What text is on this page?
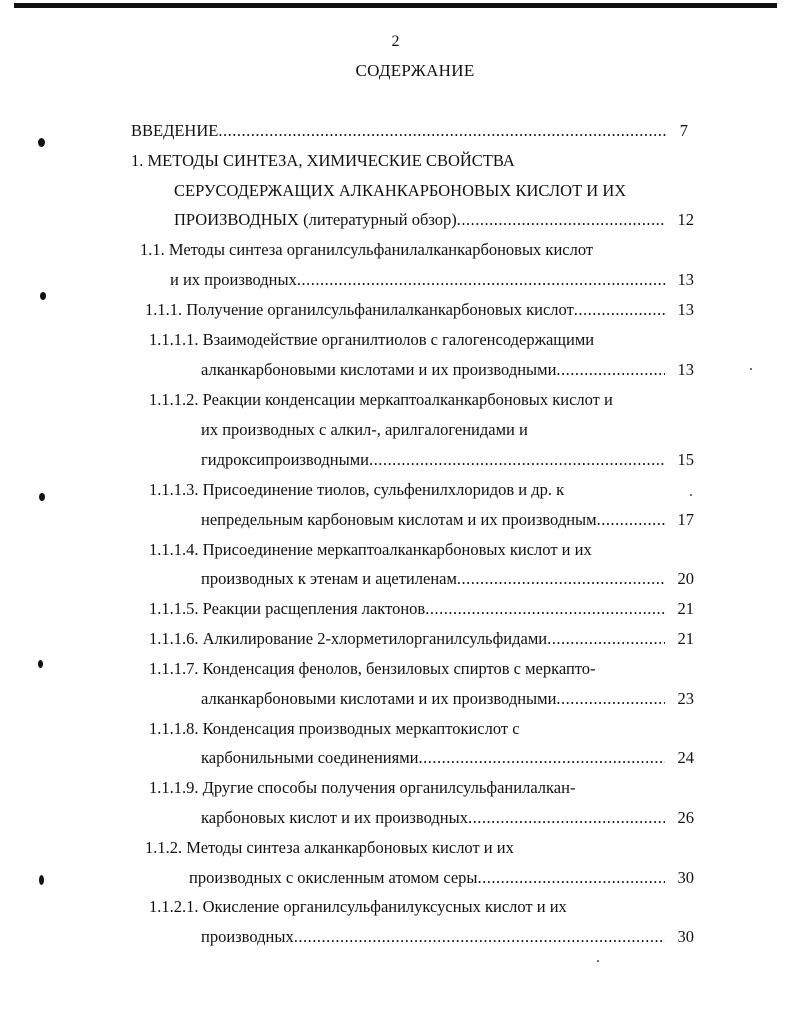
2
СОДЕРЖАНИЕ
ВВЕДЕНИЕ .....	7
1. МЕТОДЫ СИНТЕЗА, ХИМИЧЕСКИЕ СВОЙСТВА
СЕРУСОДЕРЖАЩИХ АЛКАНКАРБОНОВЫХ КИСЛОТ И ИХ
ПРОИЗВОДНЫХ (литературный обзор) .....	12
1.1. Методы синтеза органилсульфанилалканкарбоновых кислот
и их производных .....	13
1.1.1. Получение органилсульфанилалканкарбоновых кислот .....	13
1.1.1.1. Взаимодействие органилтиолов с галогенсодержащими
алканкарбоновыми кислотами и их производными .....	13
1.1.1.2. Реакции конденсации меркаптоалканкарбоновых кислот и
их производных с алкил-, арилгалогенидами и
гидроксипроизводными .....	15
1.1.1.3. Присоединение тиолов, сульфенилхлоридов и др. к
непредельным карбоновым кислотам и их производным .....	17
1.1.1.4. Присоединение меркаптоалканкарбоновых кислот и их
производных к этенам и ацетиленам .....	20
1.1.1.5. Реакции расщепления лактонов .....	21
1.1.1.6. Алкилирование 2-хлорметилорганилсульфидами .....	21
1.1.1.7. Конденсация фенолов, бензиловых спиртов с меркапто-
алканкарбоновыми кислотами и их производными .....	23
1.1.1.8. Конденсация производных меркаптокислот с
карбонильными соединениями .....	24
1.1.1.9. Другие способы получения органилсульфанилалкан-
карбоновых кислот и их производных .....	26
1.1.2. Методы синтеза алканкарбоновых кислот и их
производных с окисленным атомом серы .....	30
1.1.2.1. Окисление органилсульфанилуксусных кислот и их
производных .....	30
